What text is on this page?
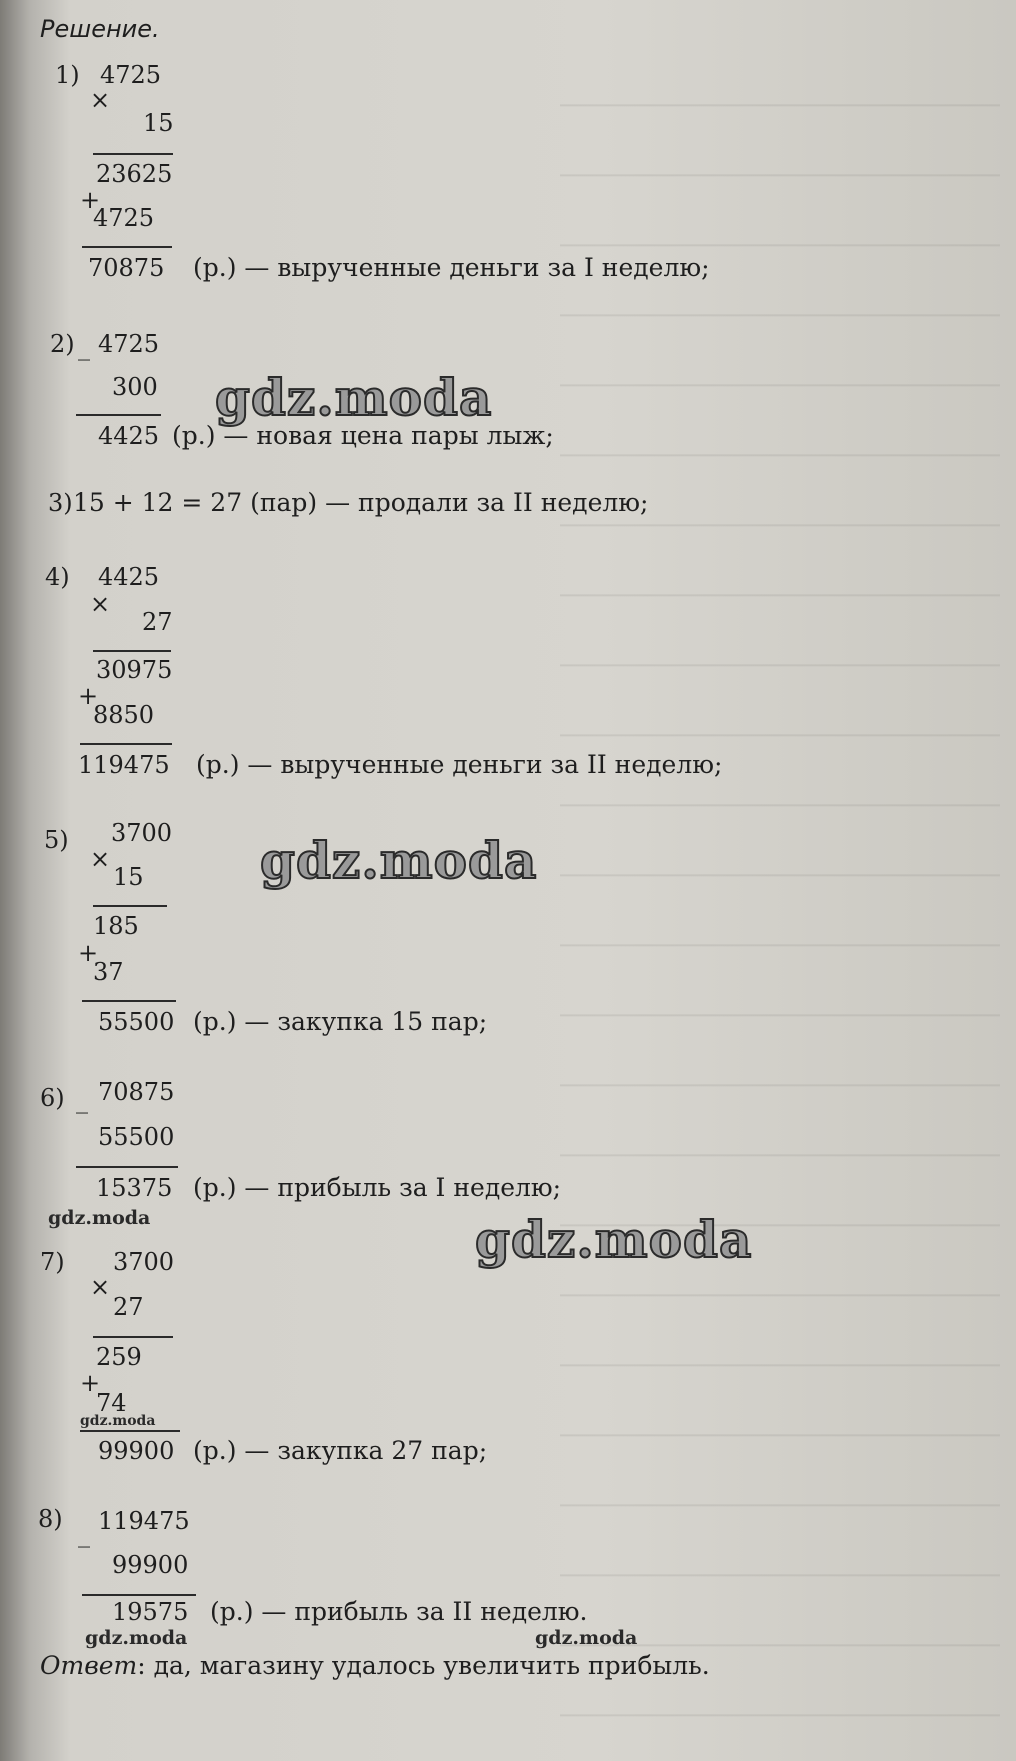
Решение.
1) 4725
×
15
23625
+
4725
70875 (р.) — вырученные деньги за I неделю;
2) _ 4725
300
4425 (р.) — новая цена пары лыж;
3) 15 + 12 = 27 (пар) — продали за II неделю;
4) 4425
×
27
30975
+
8850
119475 (р.) — вырученные деньги за II неделю;
gdz.moda
gdz.moda
5) 3700
×
15
185
+
37
55500 (р.) — закупка 15 пар;
6) _ 70875
55500
15375 (р.) — прибыль за I неделю;
gdz.moda	gdz.moda
7) 3700
×
27
259
+
74
gdz.moda
99900 (р.) — закупка 27 пар;
8)
_ 119475
99900
19575 (р.) — прибыль за II неделю.
gdz.moda	gdz.moda
Ответ: да, магазину удалось увеличить прибыль.
